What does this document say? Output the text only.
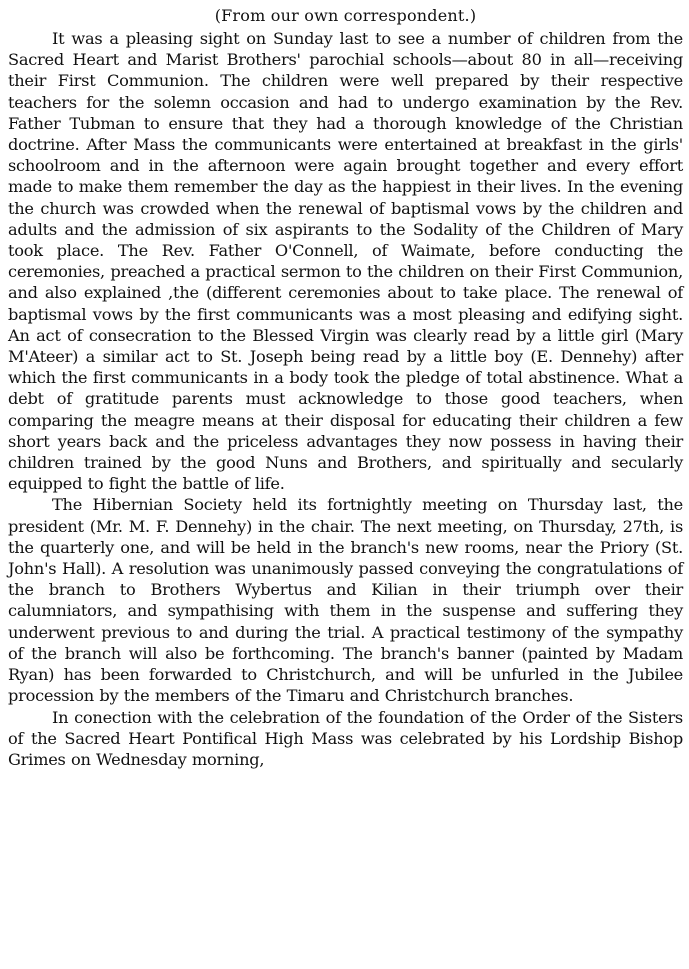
(From our own correspondent.)

It was a pleasing sight on Sunday last to see a number of children from the Sacred Heart and Marist Brothers' parochial schools—about 80 in all—receiving their First Communion. The children were well prepared by their respective teachers for the solemn occasion and had to undergo examination by the Rev. Father Tubman to ensure that they had a thorough knowledge of the Christian doctrine. After Mass the communicants were entertained at breakfast in the girls' schoolroom and in the afternoon were again brought together and every effort made to make them remember the day as the happiest in their lives. In the evening the church was crowded when the renewal of baptismal vows by the children and adults and the admission of six aspirants to the Sodality of the Children of Mary took place. The Rev. Father O'Connell, of Waimate, before conducting the ceremonies, preached a practical sermon to the children on their First Communion, and also explained ,the (different ceremonies about to take place. The renewal of baptismal vows by the first communicants was a most pleasing and edifying sight. An act of consecration to the Blessed Virgin was clearly read by a little girl (Mary M'Ateer) a similar act to St. Joseph being read by a little boy (E. Dennehy) after which the first communicants in a body took the pledge of total abstinence. What a debt of gratitude parents must acknowledge to those good teachers, when comparing the meagre means at their disposal for educating their children a few short years back and the priceless advantages they now possess in having their children trained by the good Nuns and Brothers, and spiritually and secularly equipped to fight the battle of life.

The Hibernian Society held its fortnightly meeting on Thursday last, the president (Mr. M. F. Dennehy) in the chair. The next meeting, on Thursday, 27th, is the quarterly one, and will be held in the branch's new rooms, near the Priory (St. John's Hall). A resolution was unanimously passed conveying the congratulations of the branch to Brothers Wybertus and Kilian in their triumph over their calumniators, and sympathising with them in the suspense and suffering they underwent previous to and during the trial. A practical testimony of the sympathy of the branch will also be forthcoming. The branch's banner (painted by Madam Ryan) has been forwarded to Christchurch, and will be unfurled in the Jubilee procession by the members of the Timaru and Christchurch branches.

In conection with the celebration of the foundation of the Order of the Sisters of the Sacred Heart Pontifical High Mass was celebrated by his Lordship Bishop Grimes on Wednesday morning,
